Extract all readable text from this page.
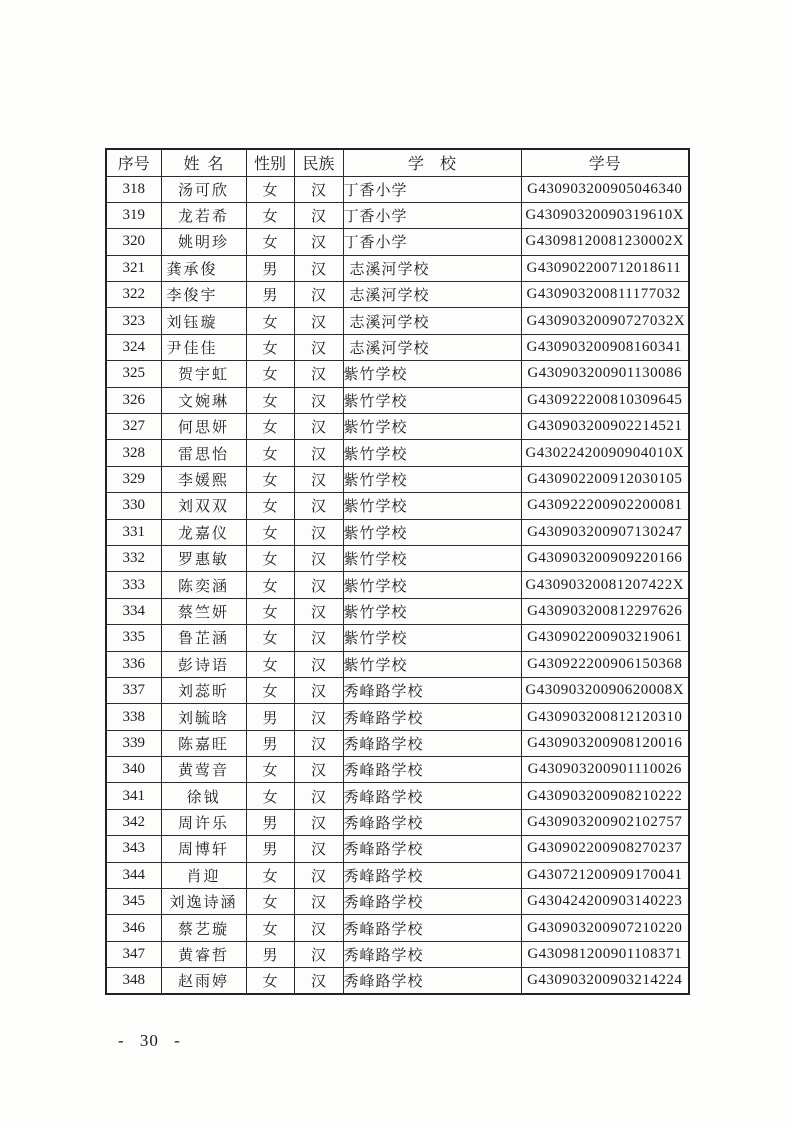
序号	姓  名	性别	民族	学    校	学号
318	汤可欣	女	汉	丁香小学	G430903200905046340
319	龙若希	女	汉	丁香小学	G43090320090319610X
320	姚明珍	女	汉	丁香小学	G43098120081230002X
321	龚承俊	男	汉	志溪河学校	G430902200712018611
322	李俊宇	男	汉	志溪河学校	G430903200811177032
323	刘钰璇	女	汉	志溪河学校	G43090320090727032X
324	尹佳佳	女	汉	志溪河学校	G430903200908160341
325	贺宇虹	女	汉	紫竹学校	G430903200901130086
326	文婉琳	女	汉	紫竹学校	G430922200810309645
327	何思妍	女	汉	紫竹学校	G430903200902214521
328	雷思怡	女	汉	紫竹学校	G43022420090904010X
329	李媛熙	女	汉	紫竹学校	G430902200912030105
330	刘双双	女	汉	紫竹学校	G430922200902200081
331	龙嘉仪	女	汉	紫竹学校	G430903200907130247
332	罗惠敏	女	汉	紫竹学校	G430903200909220166
333	陈奕涵	女	汉	紫竹学校	G43090320081207422X
334	蔡竺妍	女	汉	紫竹学校	G430903200812297626
335	鲁芷涵	女	汉	紫竹学校	G430902200903219061
336	彭诗语	女	汉	紫竹学校	G430922200906150368
337	刘蕊昕	女	汉	秀峰路学校	G43090320090620008X
338	刘毓晗	男	汉	秀峰路学校	G430903200812120310
339	陈嘉旺	男	汉	秀峰路学校	G430903200908120016
340	黄莺音	女	汉	秀峰路学校	G430903200901110026
341	徐钺	女	汉	秀峰路学校	G430903200908210222
342	周许乐	男	汉	秀峰路学校	G430903200902102757
343	周博轩	男	汉	秀峰路学校	G430902200908270237
344	肖迎	女	汉	秀峰路学校	G430721200909170041
345	刘逸诗涵	女	汉	秀峰路学校	G430424200903140223
346	蔡艺璇	女	汉	秀峰路学校	G430903200907210220
347	黄睿哲	男	汉	秀峰路学校	G430981200901108371
348	赵雨婷	女	汉	秀峰路学校	G430903200903214224
- 30 -
